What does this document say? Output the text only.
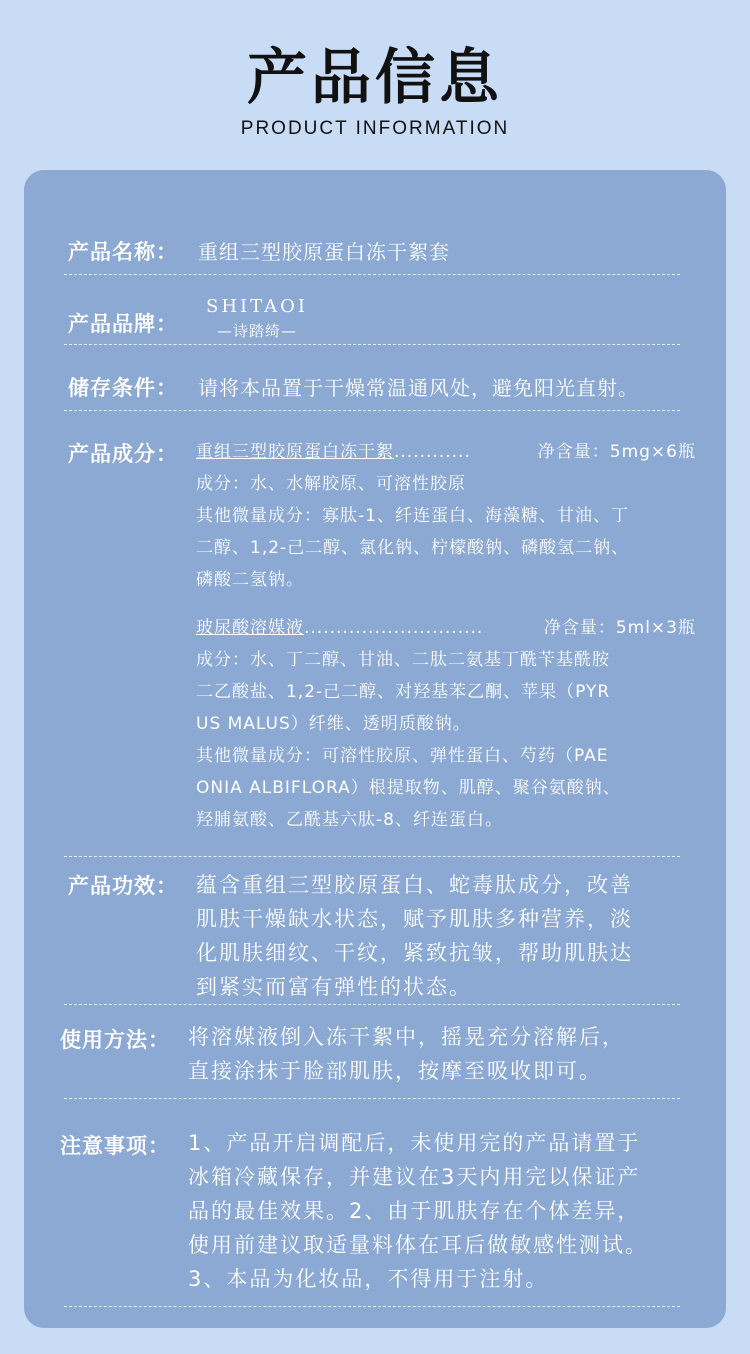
产品信息
PRODUCT INFORMATION
产品名称： 重组三型胶原蛋白冻干絮套
产品品牌：
SHITAOI
—诗踏绮—
储存条件： 请将本品置于干燥常温通风处，避免阳光直射。
产品成分： 重组三型胶原蛋白冻干絮 ............	净含量：5mg×6瓶
成分：水、水解胶原、可溶性胶原
其他微量成分：寡肽-1、纤连蛋白、海藻糖、甘油、丁
二醇、1,2-己二醇、氯化钠、柠檬酸钠、磷酸氢二钠、
磷酸二氢钠。
玻尿酸溶媒液 ............................	净含量：5ml×3瓶
成分：水、丁二醇、甘油、二肽二氨基丁酰苄基酰胺
二乙酸盐、1,2-己二醇、对羟基苯乙酮、苹果（PYR
US MALUS）纤维、透明质酸钠。
其他微量成分：可溶性胶原、弹性蛋白、芍药（PAE
ONIA ALBIFLORA）根提取物、肌醇、聚谷氨酸钠、
羟脯氨酸、乙酰基六肽-8、纤连蛋白。
产品功效： 蕴含重组三型胶原蛋白、蛇毒肽成分，改善
肌肤干燥缺水状态，赋予肌肤多种营养，淡
化肌肤细纹、干纹，紧致抗皱，帮助肌肤达
到紧实而富有弹性的状态。
使用方法： 将溶媒液倒入冻干絮中，摇晃充分溶解后，
直接涂抹于脸部肌肤，按摩至吸收即可。
注意事项： 1、产品开启调配后，未使用完的产品请置于
冰箱冷藏保存，并建议在3天内用完以保证产
品的最佳效果。2、由于肌肤存在个体差异，
使用前建议取适量料体在耳后做敏感性测试。
3、本品为化妆品，不得用于注射。
